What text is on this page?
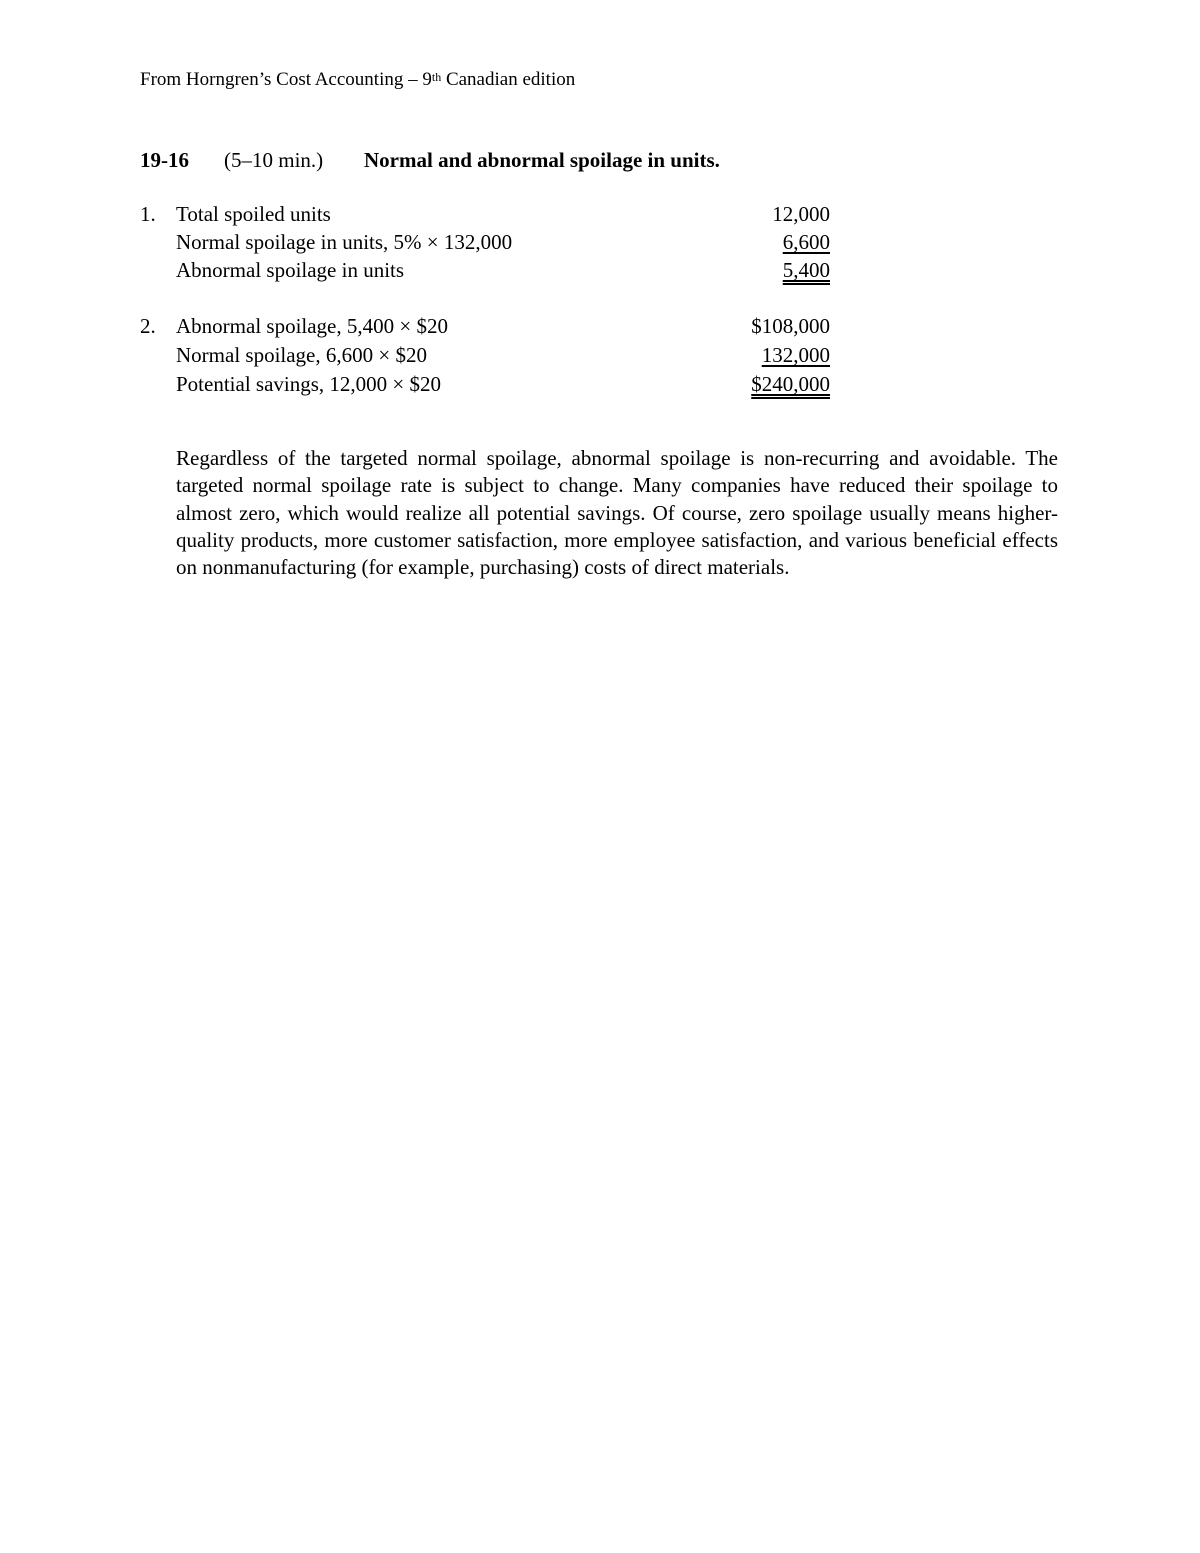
From Horngren’s Cost Accounting – 9th Canadian edition
19-16 (5–10 min.) Normal and abnormal spoilage in units.
1. Total spoiled units	12,000
Normal spoilage in units, 5% × 132,000	6,600
Abnormal spoilage in units	5,400
2. Abnormal spoilage, 5,400 × $20	$108,000
Normal spoilage, 6,600 × $20	132,000
Potential savings, 12,000 × $20	$240,000

Regardless of the targeted normal spoilage, abnormal spoilage is non-recurring and avoidable. The targeted normal spoilage rate is subject to change. Many companies have reduced their spoilage to almost zero, which would realize all potential savings. Of course, zero spoilage usually means higher-quality products, more customer satisfaction, more employee satisfaction, and various beneficial effects on nonmanufacturing (for example, purchasing) costs of direct materials.
